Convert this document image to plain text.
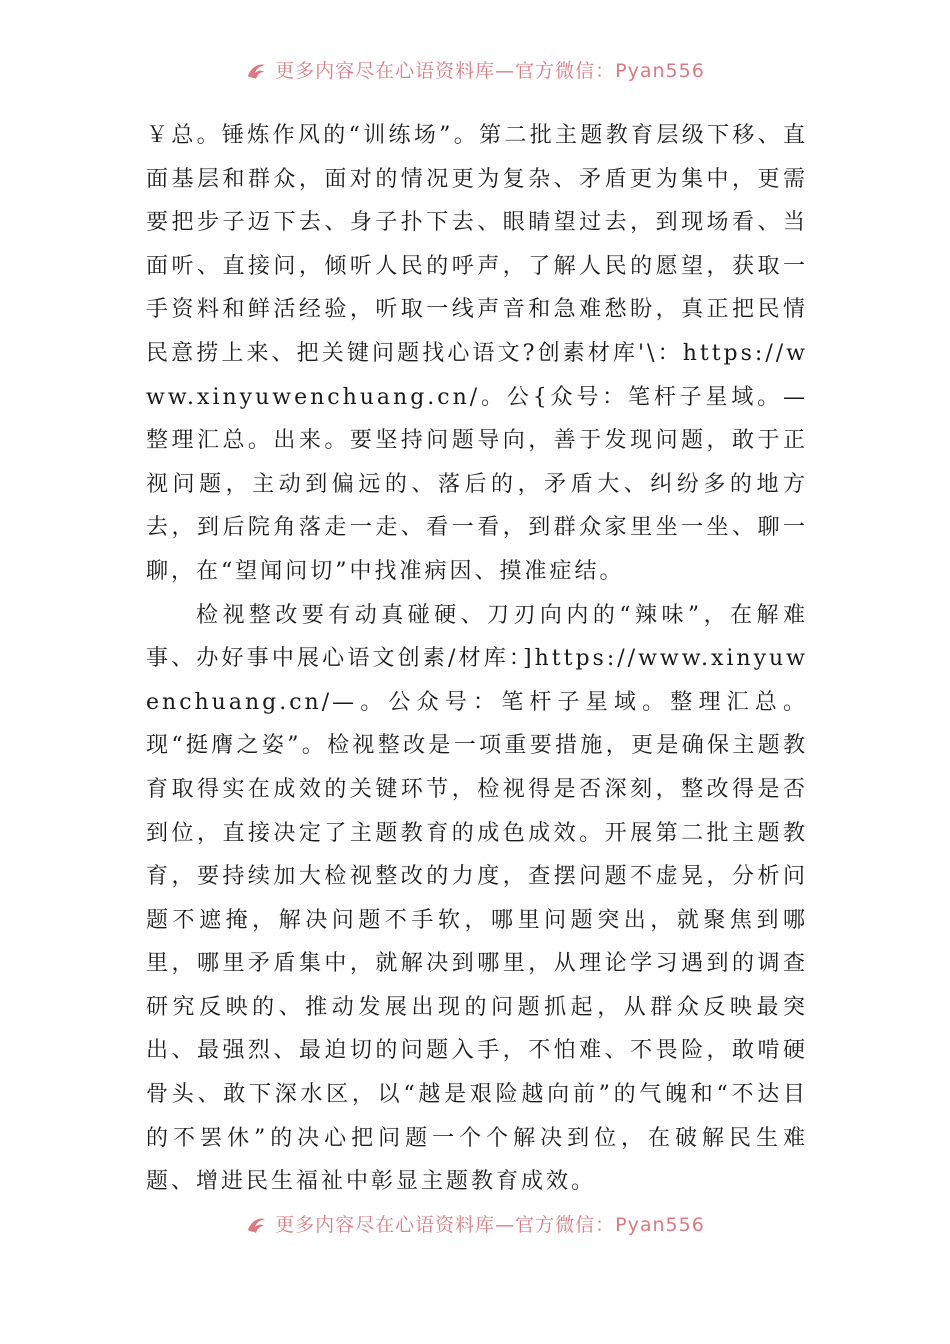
更多内容尽在心语资料库—官方微信：Pyan556

￥总。锤炼作风的“训练场”。第二批主题教育层级下移、直面基层和群众，面对的情况更为复杂、矛盾更为集中，更需要把步子迈下去、身子扑下去、眼睛望过去，到现场看、当面听、直接问，倾听人民的呼声，了解人民的愿望，获取一手资料和鲜活经验，听取一线声音和急难愁盼，真正把民情民意捞上来、把关键问题找心语文?创素材库'\：https://www.xinyuwenchuang.cn/。公{众号：笔杆子星域。—整理汇总。出来。要坚持问题导向，善于发现问题，敢于正视问题，主动到偏远的、落后的，矛盾大、纠纷多的地方去，到后院角落走一走、看一看，到群众家里坐一坐、聊一聊，在“望闻问切”中找准病因、摸准症结。

检视整改要有动真碰硬、刀刃向内的“辣味”，在解难事、办好事中展心语文创素/材库：]https://www.xinyuwenchuang.cn/—。公众号：笔杆子星域。整理汇总。现“挺膺之姿”。检视整改是一项重要措施，更是确保主题教育取得实在成效的关键环节，检视得是否深刻，整改得是否到位，直接决定了主题教育的成色成效。开展第二批主题教育，要持续加大检视整改的力度，查摆问题不虚晃，分析问题不遮掩，解决问题不手软，哪里问题突出，就聚焦到哪里，哪里矛盾集中，就解决到哪里，从理论学习遇到的调查研究反映的、推动发展出现的问题抓起，从群众反映最突出、最强烈、最迫切的问题入手，不怕难、不畏险，敢啃硬骨头、敢下深水区，以“越是艰险越向前”的气魄和“不达目的不罢休”的决心把问题一个个解决到位，在破解民生难题、增进民生福祉中彰显主题教育成效。

更多内容尽在心语资料库—官方微信：Pyan556
